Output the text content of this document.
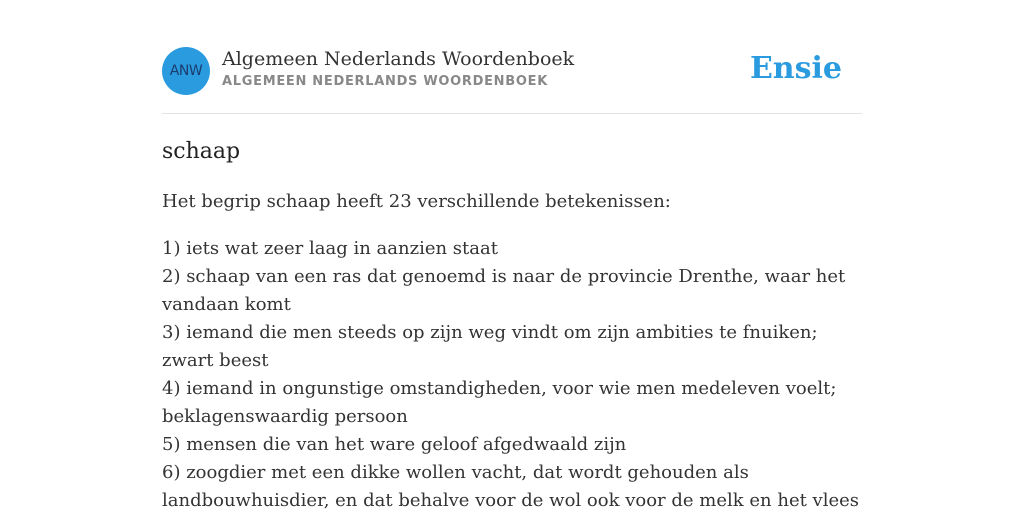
ANW
Algemeen Nederlands Woordenboek
ALGEMEEN NEDERLANDS WOORDENBOEK	Ensie
schaap

Het begrip schaap heeft 23 verschillende betekenissen:

1) iets wat zeer laag in aanzien staat
2) schaap van een ras dat genoemd is naar de provincie Drenthe, waar het vandaan komt
3) iemand die men steeds op zijn weg vindt om zijn ambities te fnuiken; zwart beest
4) iemand in ongunstige omstandigheden, voor wie men medeleven voelt; beklagenswaardig persoon
5) mensen die van het ware geloof afgedwaald zijn
6) zoogdier met een dikke wollen vacht, dat wordt gehouden als landbouwhuisdier, en dat behalve voor de wol ook voor de melk en het vlees
